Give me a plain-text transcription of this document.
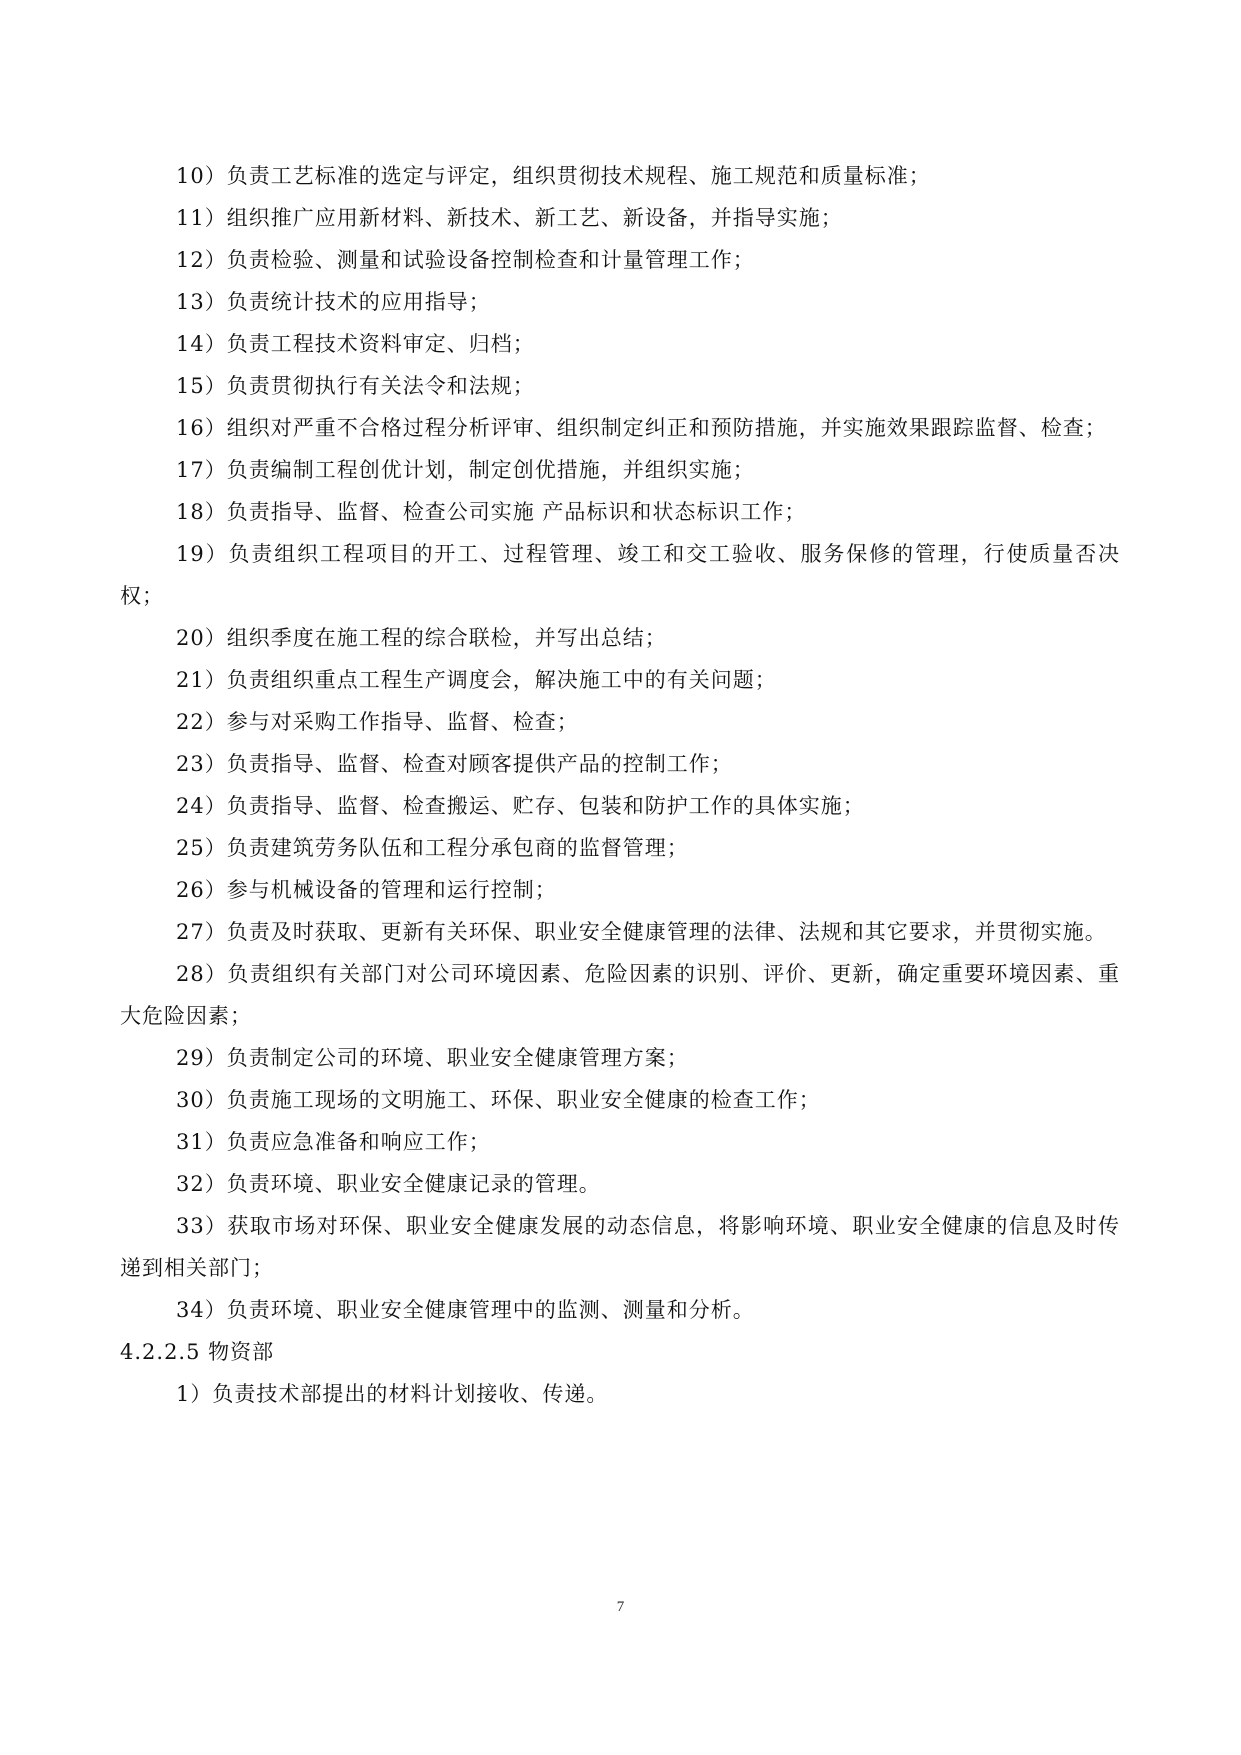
10）负责工艺标准的选定与评定，组织贯彻技术规程、施工规范和质量标准；

11）组织推广应用新材料、新技术、新工艺、新设备，并指导实施；

12）负责检验、测量和试验设备控制检查和计量管理工作；

13）负责统计技术的应用指导；

14）负责工程技术资料审定、归档；

15）负责贯彻执行有关法令和法规；

16）组织对严重不合格过程分析评审、组织制定纠正和预防措施，并实施效果跟踪监督、检查；

17）负责编制工程创优计划，制定创优措施，并组织实施；

18）负责指导、监督、检查公司实施 产品标识和状态标识工作；

19）负责组织工程项目的开工、过程管理、竣工和交工验收、服务保修的管理，行使质量否决权；

20）组织季度在施工程的综合联检，并写出总结；

21）负责组织重点工程生产调度会，解决施工中的有关问题；

22）参与对采购工作指导、监督、检查；

23）负责指导、监督、检查对顾客提供产品的控制工作；

24）负责指导、监督、检查搬运、贮存、包装和防护工作的具体实施；

25）负责建筑劳务队伍和工程分承包商的监督管理；

26）参与机械设备的管理和运行控制；

27）负责及时获取、更新有关环保、职业安全健康管理的法律、法规和其它要求，并贯彻实施。

28）负责组织有关部门对公司环境因素、危险因素的识别、评价、更新，确定重要环境因素、重大危险因素；

29）负责制定公司的环境、职业安全健康管理方案；

30）负责施工现场的文明施工、环保、职业安全健康的检查工作；

31）负责应急准备和响应工作；

32）负责环境、职业安全健康记录的管理。

33）获取市场对环保、职业安全健康发展的动态信息，将影响环境、职业安全健康的信息及时传递到相关部门；

34）负责环境、职业安全健康管理中的监测、测量和分析。

4.2.2.5 物资部

1）负责技术部提出的材料计划接收、传递。

7
